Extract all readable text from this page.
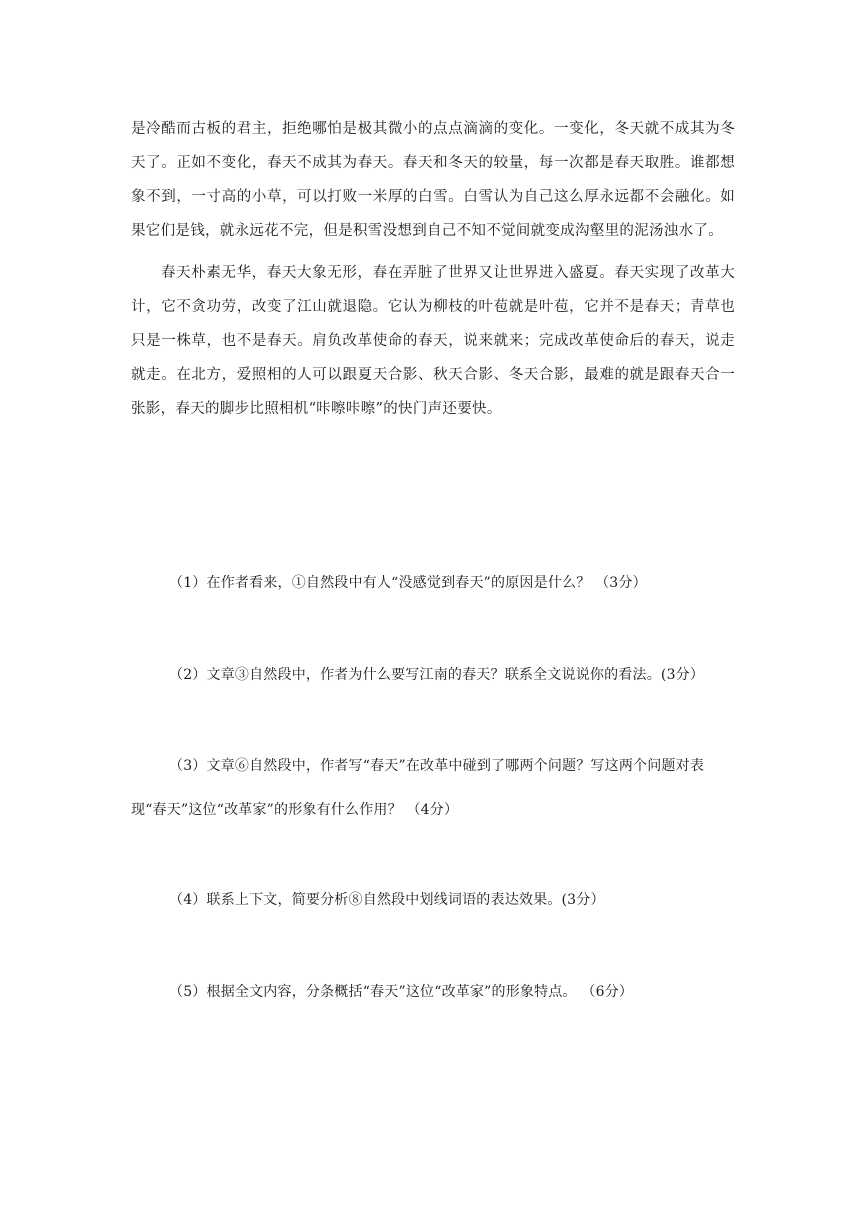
是冷酷而古板的君主，拒绝哪怕是极其微小的点点滴滴的变化。一变化，冬天就不成其为冬天了。正如不变化，春天不成其为春天。春天和冬天的较量，每一次都是春天取胜。谁都想象不到，一寸高的小草，可以打败一米厚的白雪。白雪认为自己这么厚永远都不会融化。如果它们是钱，就永远花不完，但是积雪没想到自己不知不觉间就变成沟壑里的泥汤浊水了。

春天朴素无华，春天大象无形，春在弄脏了世界又让世界进入盛夏。春天实现了改革大计，它不贪功劳，改变了江山就退隐。它认为柳枝的叶苞就是叶苞，它并不是春天；青草也只是一株草，也不是春天。肩负改革使命的春天，说来就来；完成改革使命后的春天，说走就走。在北方，爱照相的人可以跟夏天合影、秋天合影、冬天合影，最难的就是跟春天合一张影，春天的脚步比照相机“咔嚓咔嚓”的快门声还要快。

（1）在作者看来，①自然段中有人“没感觉到春天”的原因是什么？ （3分）

（2）文章③自然段中，作者为什么要写江南的春天？联系全文说说你的看法。(3分）

（3）文章⑥自然段中，作者写“春天”在改革中碰到了哪两个问题？写这两个问题对表现“春天”这位“改革家”的形象有什么作用？ （4分）

（4）联系上下文，简要分析⑧自然段中划线词语的表达效果。(3分）

（5）根据全文内容，分条概括“春天”这位“改革家”的形象特点。 （6分）
